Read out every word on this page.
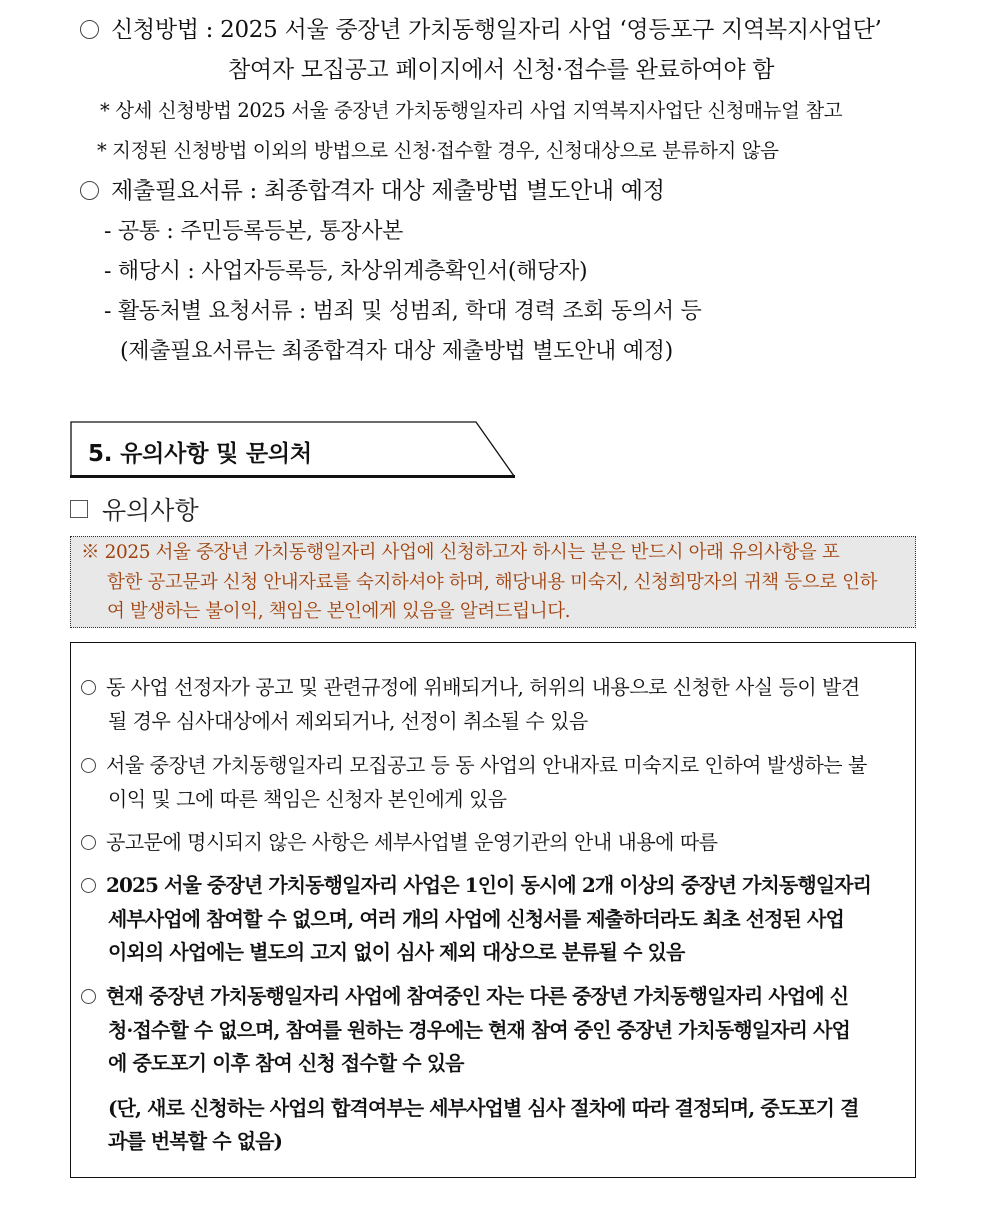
신청방법 : 2025 서울 중장년 가치동행일자리 사업 ‘영등포구 지역복지사업단’
참여자 모집공고 페이지에서 신청·접수를 완료하여야 함
* 상세 신청방법 2025 서울 중장년 가치동행일자리 사업 지역복지사업단 신청매뉴얼 참고
* 지정된 신청방법 이외의 방법으로 신청·접수할 경우, 신청대상으로 분류하지 않음
제출필요서류 : 최종합격자 대상 제출방법 별도안내 예정
- 공통 : 주민등록등본, 통장사본
- 해당시 : 사업자등록등, 차상위계층확인서(해당자)
- 활동처별 요청서류 : 범죄 및 성범죄, 학대 경력 조회 동의서 등
(제출필요서류는 최종합격자 대상 제출방법 별도안내 예정)
5. 유의사항 및 문의처
유의사항
※ 2025 서울 중장년 가치동행일자리 사업에 신청하고자 하시는 분은 반드시 아래 유의사항을 포
함한 공고문과 신청 안내자료를 숙지하셔야 하며, 해당내용 미숙지, 신청희망자의 귀책 등으로 인하
여 발생하는 불이익, 책임은 본인에게 있음을 알려드립니다.
동 사업 선정자가 공고 및 관련규정에 위배되거나, 허위의 내용으로 신청한 사실 등이 발견
될 경우 심사대상에서 제외되거나, 선정이 취소될 수 있음
서울 중장년 가치동행일자리 모집공고 등 동 사업의 안내자료 미숙지로 인하여 발생하는 불
이익 및 그에 따른 책임은 신청자 본인에게 있음
공고문에 명시되지 않은 사항은 세부사업별 운영기관의 안내 내용에 따름
2025 서울 중장년 가치동행일자리 사업은 1인이 동시에 2개 이상의 중장년 가치동행일자리
세부사업에 참여할 수 없으며, 여러 개의 사업에 신청서를 제출하더라도 최초 선정된 사업
이외의 사업에는 별도의 고지 없이 심사 제외 대상으로 분류될 수 있음
현재 중장년 가치동행일자리 사업에 참여중인 자는 다른 중장년 가치동행일자리 사업에 신
청·접수할 수 없으며, 참여를 원하는 경우에는 현재 참여 중인 중장년 가치동행일자리 사업
에 중도포기 이후 참여 신청 접수할 수 있음
(단, 새로 신청하는 사업의 합격여부는 세부사업별 심사 절차에 따라 결정되며, 중도포기 결
과를 번복할 수 없음)
